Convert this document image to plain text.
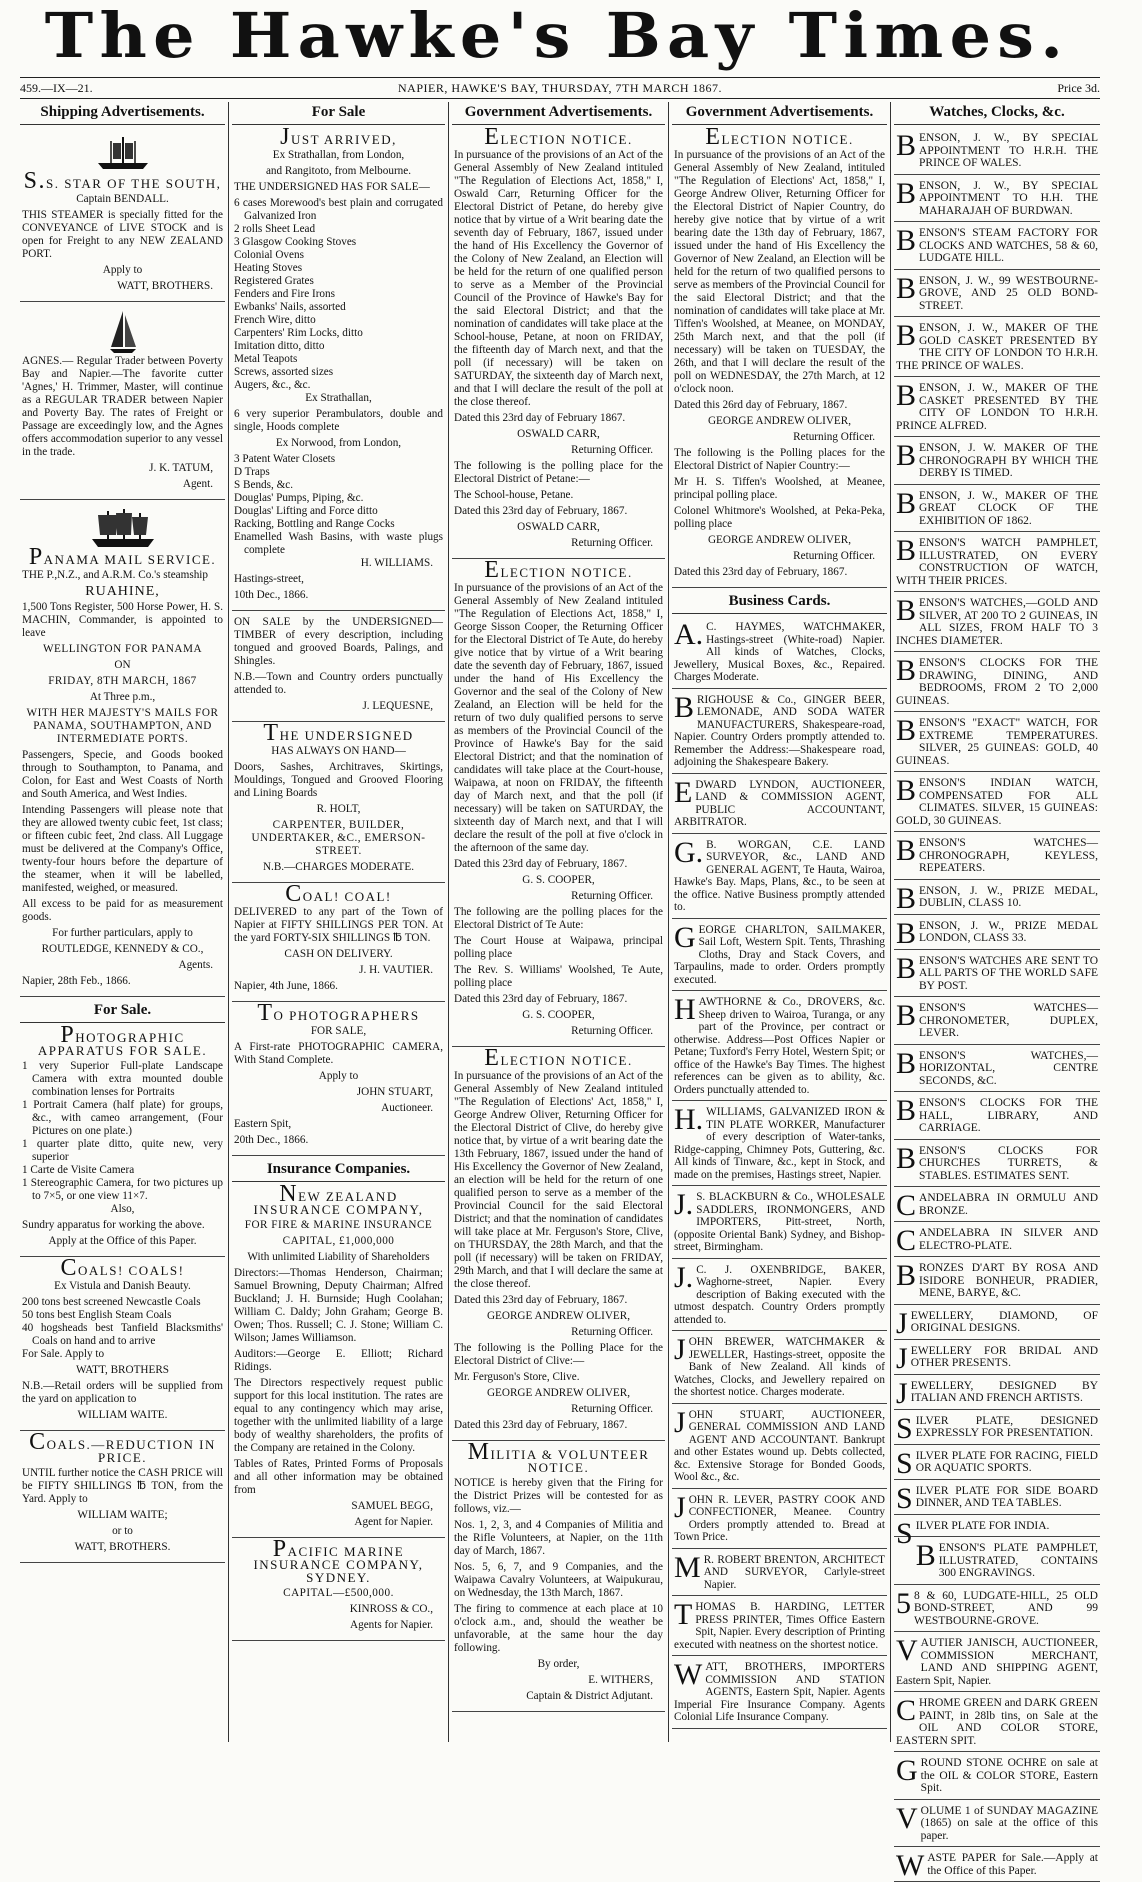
The Hawke's Bay Times.
459.—IX—21.	NAPIER, HAWKE'S BAY, THURSDAY, 7TH MARCH 1867.	Price 3d.
Shipping Advertisements.

S.S. STAR OF THE SOUTH,

Captain BENDALL.

THIS STEAMER is specially fitted for the CONVEYANCE of LIVE STOCK and is open for Freight to any NEW ZEALAND PORT.

Apply to

WATT, BROTHERS.

AGNES.— Regular Trader between Poverty Bay and Napier.—The favorite cutter 'Agnes,' H. Trimmer, Master, will continue as a REGULAR TRADER between Napier and Poverty Bay. The rates of Freight or Passage are exceedingly low, and the Agnes offers accommodation superior to any vessel in the trade.

J. K. TATUM,

Agent.

PANAMA MAIL SERVICE.

THE P.,N.Z., and A.R.M. Co.'s steamship

RUAHINE,

1,500 Tons Register, 500 Horse Power, H. S. MACHIN, Commander, is appointed to leave

WELLINGTON FOR PANAMA

ON

FRIDAY, 8TH MARCH, 1867

At Three p.m.,

WITH HER MAJESTY'S MAILS FOR PANAMA, SOUTHAMPTON, AND INTERMEDIATE PORTS.

Passengers, Specie, and Goods booked through to Southampton, to Panama, and Colon, for East and West Coasts of North and South America, and West Indies.

Intending Passengers will please note that they are allowed twenty cubic feet, 1st class; or fifteen cubic feet, 2nd class. All Luggage must be delivered at the Company's Office, twenty-four hours before the departure of the steamer, when it will be labelled, manifested, weighed, or measured.

All excess to be paid for as measurement goods.

For further particulars, apply to

ROUTLEDGE, KENNEDY & CO.,

Agents.

Napier, 28th Feb., 1866.

For Sale.

PHOTOGRAPHIC APPARATUS FOR SALE.

1 very Superior Full-plate Landscape Camera with extra mounted double combination lenses for Portraits
1 Portrait Camera (half plate) for groups, &c., with cameo arrangement, (Four Pictures on one plate.)
1 quarter plate ditto, quite new, very superior
1 Carte de Visite Camera
1 Stereographic Camera, for two pictures up to 7×5, or one view 11×7.

Also,

Sundry apparatus for working the above.

Apply at the Office of this Paper.

COALS! COALS!

Ex Vistula and Danish Beauty.

200 tons best screened Newcastle Coals
50 tons best English Steam Coals
40 hogsheads best Tanfield Blacksmiths' Coals on hand and to arrive

For Sale. Apply to

WATT, BROTHERS

N.B.—Retail orders will be supplied from the yard on application to

WILLIAM WAITE.

COALS.—REDUCTION IN PRICE.

UNTIL further notice the CASH PRICE will be FIFTY SHILLINGS ℔ TON, from the Yard. Apply to

WILLIAM WAITE;

or to

WATT, BROTHERS.

For Sale

JUST ARRIVED,

Ex Strathallan, from London,

and Rangitoto, from Melbourne.

THE UNDERSIGNED HAS FOR SALE—

6 cases Morewood's best plain and corrugated Galvanized Iron
2 rolls Sheet Lead
3 Glasgow Cooking Stoves
Colonial Ovens
Heating Stoves
Registered Grates
Fenders and Fire Irons
Ewbanks' Nails, assorted
French Wire, ditto
Carpenters' Rim Locks, ditto
Imitation ditto, ditto
Metal Teapots
Screws, assorted sizes
Augers, &c., &c.

Ex Strathallan,

6 very superior Perambulators, double and single, Hoods complete

Ex Norwood, from London,

3 Patent Water Closets
D Traps
S Bends, &c.
Douglas' Pumps, Piping, &c.
Douglas' Lifting and Force ditto
Racking, Bottling and Range Cocks
Enamelled Wash Basins, with waste plugs complete

H. WILLIAMS.

Hastings-street,

10th Dec., 1866.

ON SALE by the UNDERSIGNED—TIMBER of every description, including tongued and grooved Boards, Palings, and Shingles.

N.B.—Town and Country orders punctually attended to.

J. LEQUESNE,

THE UNDERSIGNED

HAS ALWAYS ON HAND—

Doors, Sashes, Architraves, Skirtings, Mouldings, Tongued and Grooved Flooring and Lining Boards

R. HOLT,

CARPENTER, BUILDER, UNDERTAKER, &C., EMERSON-STREET.

N.B.—CHARGES MODERATE.

COAL! COAL!

DELIVERED to any part of the Town of Napier at FIFTY SHILLINGS PER TON. At the yard FORTY-SIX SHILLINGS ℔ TON.

CASH ON DELIVERY.

J. H. VAUTIER.

Napier, 4th June, 1866.

TO PHOTOGRAPHERS

FOR SALE,

A First-rate PHOTOGRAPHIC CAMERA, With Stand Complete.

Apply to

JOHN STUART,

Auctioneer.

Eastern Spit,

20th Dec., 1866.

Insurance Companies.

NEW ZEALAND INSURANCE COMPANY,

FOR FIRE & MARINE INSURANCE

CAPITAL, £1,000,000

With unlimited Liability of Shareholders

Directors:—Thomas Henderson, Chairman; Samuel Browning, Deputy Chairman; Alfred Buckland; J. H. Burnside; Hugh Coolahan; William C. Daldy; John Graham; George B. Owen; Thos. Russell; C. J. Stone; William C. Wilson; James Williamson.

Auditors:—George E. Elliott; Richard Ridings.

The Directors respectively request public support for this local institution. The rates are equal to any contingency which may arise, together with the unlimited liability of a large body of wealthy shareholders, the profits of the Company are retained in the Colony.

Tables of Rates, Printed Forms of Proposals and all other information may be obtained from

SAMUEL BEGG,

Agent for Napier.

PACIFIC MARINE INSURANCE COMPANY, SYDNEY.

CAPITAL—£500,000.

KINROSS & CO.,

Agents for Napier.

Government Advertisements.

ELECTION NOTICE.

In pursuance of the provisions of an Act of the General Assembly of New Zealand intituled "The Regulation of Elections Act, 1858," I, Oswald Carr, Returning Officer for the Electoral District of Petane, do hereby give notice that by virtue of a Writ bearing date the seventh day of February, 1867, issued under the hand of His Excellency the Governor of the Colony of New Zealand, an Election will be held for the return of one qualified person to serve as a Member of the Provincial Council of the Province of Hawke's Bay for the said Electoral District; and that the nomination of candidates will take place at the School-house, Petane, at noon on FRIDAY, the fifteenth day of March next, and that the poll (if necessary) will be taken on SATURDAY, the sixteenth day of March next, and that I will declare the result of the poll at the close thereof.

Dated this 23rd day of February 1867.

OSWALD CARR,

Returning Officer.

The following is the polling place for the Electoral District of Petane:—

The School-house, Petane.

Dated this 23rd day of February, 1867.

OSWALD CARR,

Returning Officer.

ELECTION NOTICE.

In pursuance of the provisions of an Act of the General Assembly of New Zealand intituled "The Regulation of Elections Act, 1858," I, George Sisson Cooper, the Returning Officer for the Electoral District of Te Aute, do hereby give notice that by virtue of a Writ bearing date the seventh day of February, 1867, issued under the hand of His Excellency the Governor and the seal of the Colony of New Zealand, an Election will be held for the return of two duly qualified persons to serve as members of the Provincial Council of the Province of Hawke's Bay for the said Electoral District; and that the nomination of candidates will take place at the Court-house, Waipawa, at noon on FRIDAY, the fifteenth day of March next, and that the poll (if necessary) will be taken on SATURDAY, the sixteenth day of March next, and that I will declare the result of the poll at five o'clock in the afternoon of the same day.

Dated this 23rd day of February, 1867.

G. S. COOPER,

Returning Officer.

The following are the polling places for the Electoral District of Te Aute:

The Court House at Waipawa, principal polling place

The Rev. S. Williams' Woolshed, Te Aute, polling place

Dated this 23rd day of February, 1867.

G. S. COOPER,

Returning Officer.

ELECTION NOTICE.

In pursuance of the provisions of an Act of the General Assembly of New Zealand intituled "The Regulation of Elections' Act, 1858," I, George Andrew Oliver, Returning Officer for the Electoral District of Clive, do hereby give notice that, by virtue of a writ bearing date the 13th February, 1867, issued under the hand of His Excellency the Governor of New Zealand, an election will be held for the return of one qualified person to serve as a member of the Provincial Council for the said Electoral District; and that the nomination of candidates will take place at Mr. Ferguson's Store, Clive, on THURSDAY, the 28th March, and that the poll (if necessary) will be taken on FRIDAY, 29th March, and that I will declare the same at the close thereof.

Dated this 23rd day of February, 1867.

GEORGE ANDREW OLIVER,

Returning Officer.

The following is the Polling Place for the Electoral District of Clive:—

Mr. Ferguson's Store, Clive.

GEORGE ANDREW OLIVER,

Returning Officer.

Dated this 23rd day of February, 1867.

MILITIA & VOLUNTEER NOTICE.

NOTICE is hereby given that the Firing for the District Prizes will be contested for as follows, viz.—

Nos. 1, 2, 3, and 4 Companies of Militia and the Rifle Volunteers, at Napier, on the 11th day of March, 1867.

Nos. 5, 6, 7, and 9 Companies, and the Waipawa Cavalry Volunteers, at Waipukurau, on Wednesday, the 13th March, 1867.

The firing to commence at each place at 10 o'clock a.m., and, should the weather be unfavorable, at the same hour the day following.

By order,

E. WITHERS,

Captain & District Adjutant.

Government Advertisements.

ELECTION NOTICE.

In pursuance of the provisions of an Act of the General Assembly of New Zealand, intituled "The Regulation of Elections' Act, 1858," I, George Andrew Oliver, Returning Officer for the Electoral District of Napier Country, do hereby give notice that by virtue of a writ bearing date the 13th day of February, 1867, issued under the hand of His Excellency the Governor of New Zealand, an Election will be held for the return of two qualified persons to serve as members of the Provincial Council for the said Electoral District; and that the nomination of candidates will take place at Mr. Tiffen's Woolshed, at Meanee, on MONDAY, 25th March next, and that the poll (if necessary) will be taken on TUESDAY, the 26th, and that I will declare the result of the poll on WEDNESDAY, the 27th March, at 12 o'clock noon.

Dated this 26rd day of February, 1867.

GEORGE ANDREW OLIVER,

Returning Officer.

The following is the Polling places for the Electoral District of Napier Country:—

Mr H. S. Tiffen's Woolshed, at Meanee, principal polling place.

Colonel Whitmore's Woolshed, at Peka-Peka, polling place

GEORGE ANDREW OLIVER,

Returning Officer.

Dated this 23rd day of February, 1867.

Business Cards.
A.C. HAYMES, WATCHMAKER, Hastings-street (White-road) Napier. All kinds of Watches, Clocks, Jewellery, Musical Boxes, &c., Repaired. Charges Moderate.
BRIGHOUSE & Co., GINGER BEER, LEMONADE, AND SODA WATER MANUFACTURERS, Shakespeare-road, Napier. Country Orders promptly attended to. Remember the Address:—Shakespeare road, adjoining the Shakespeare Bakery.
EDWARD LYNDON, AUCTIONEER, LAND & COMMISSION AGENT, PUBLIC ACCOUNTANT, ARBITRATOR.
G.B. WORGAN, C.E. LAND SURVEYOR, &c., LAND AND GENERAL AGENT, Te Hauta, Wairoa, Hawke's Bay. Maps, Plans, &c., to be seen at the office. Native Business promptly attended to.
GEORGE CHARLTON, SAILMAKER, Sail Loft, Western Spit. Tents, Thrashing Cloths, Dray and Stack Covers, and Tarpaulins, made to order. Orders promptly executed.
HAWTHORNE & Co., DROVERS, &c. Sheep driven to Wairoa, Turanga, or any part of the Province, per contract or otherwise. Address—Post Offices Napier or Petane; Tuxford's Ferry Hotel, Western Spit; or office of the Hawke's Bay Times. The highest references can be given as to ability, &c. Orders punctually attended to.
H.WILLIAMS, GALVANIZED IRON & TIN PLATE WORKER, Manufacturer of every description of Water-tanks, Ridge-capping, Chimney Pots, Guttering, &c. All kinds of Tinware, &c., kept in Stock, and made on the premises, Hastings street, Napier.
J.S. BLACKBURN & Co., WHOLESALE SADDLERS, IRONMONGERS, AND IMPORTERS, Pitt-street, North, (opposite Oriental Bank) Sydney, and Bishop-street, Birmingham.
J.C. J. OXENBRIDGE, BAKER, Waghorne-street, Napier. Every description of Baking executed with the utmost despatch. Country Orders promptly attended to.
JOHN BREWER, WATCHMAKER & JEWELLER, Hastings-street, opposite the Bank of New Zealand. All kinds of Watches, Clocks, and Jewellery repaired on the shortest notice. Charges moderate.
JOHN STUART, AUCTIONEER, GENERAL COMMISSION AND LAND AGENT AND ACCOUNTANT. Bankrupt and other Estates wound up. Debts collected, &c. Extensive Storage for Bonded Goods, Wool &c., &c.
JOHN R. LEVER, PASTRY COOK AND CONFECTIONER, Meanee. Country Orders promptly attended to. Bread at Town Price.
MR. ROBERT BRENTON, ARCHITECT AND SURVEYOR, Carlyle-street Napier.
THOMAS B. HARDING, LETTER PRESS PRINTER, Times Office Eastern Spit, Napier. Every description of Printing executed with neatness on the shortest notice.
WATT, BROTHERS, IMPORTERS COMMISSION AND STATION AGENTS, Eastern Spit, Napier. Agents Imperial Fire Insurance Company. Agents Colonial Life Insurance Company.
Watches, Clocks, &c.
BENSON, J. W., BY SPECIAL APPOINTMENT TO H.R.H. THE PRINCE OF WALES.
BENSON, J. W., BY SPECIAL APPOINTMENT TO H.H. THE MAHARAJAH OF BURDWAN.
BENSON'S STEAM FACTORY FOR CLOCKS AND WATCHES, 58 & 60, LUDGATE HILL.
BENSON, J. W., 99 WESTBOURNE-GROVE, AND 25 OLD BOND-STREET.
BENSON, J. W., MAKER OF THE GOLD CASKET PRESENTED BY THE CITY OF LONDON TO H.R.H. THE PRINCE OF WALES.
BENSON, J. W., MAKER OF THE CASKET PRESENTED BY THE CITY OF LONDON TO H.R.H. PRINCE ALFRED.
BENSON, J. W. MAKER OF THE CHRONOGRAPH BY WHICH THE DERBY IS TIMED.
BENSON, J. W., MAKER OF THE GREAT CLOCK OF THE EXHIBITION OF 1862.
BENSON'S WATCH PAMPHLET, ILLUSTRATED, ON EVERY CONSTRUCTION OF WATCH, WITH THEIR PRICES.
BENSON'S WATCHES,—GOLD AND SILVER, AT 200 TO 2 GUINEAS, IN ALL SIZES, FROM HALF TO 3 INCHES DIAMETER.
BENSON'S CLOCKS FOR THE DRAWING, DINING, AND BEDROOMS, FROM 2 TO 2,000 GUINEAS.
BENSON'S "EXACT" WATCH, FOR EXTREME TEMPERATURES. SILVER, 25 GUINEAS: GOLD, 40 GUINEAS.
BENSON'S INDIAN WATCH, COMPENSATED FOR ALL CLIMATES. SILVER, 15 GUINEAS: GOLD, 30 GUINEAS.
BENSON'S WATCHES—CHRONOGRAPH, KEYLESS, REPEATERS.
BENSON, J. W., PRIZE MEDAL, DUBLIN, CLASS 10.
BENSON, J. W., PRIZE MEDAL LONDON, CLASS 33.
BENSON'S WATCHES ARE SENT TO ALL PARTS OF THE WORLD SAFE BY POST.
BENSON'S WATCHES—CHRONOMETER, DUPLEX, LEVER.
BENSON'S WATCHES,—HORIZONTAL, CENTRE SECONDS, &C.
BENSON'S CLOCKS FOR THE HALL, LIBRARY, AND CARRIAGE.
BENSON'S CLOCKS FOR CHURCHES TURRETS, & STABLES. ESTIMATES SENT.
CANDELABRA IN ORMULU AND BRONZE.
CANDELABRA IN SILVER AND ELECTRO-PLATE.
BRONZES D'ART BY ROSA AND ISIDORE BONHEUR, PRADIER, MENE, BARYE, &C.
JEWELLERY, DIAMOND, OF ORIGINAL DESIGNS.
JEWELLERY FOR BRIDAL AND OTHER PRESENTS.
JEWELLERY, DESIGNED BY ITALIAN AND FRENCH ARTISTS.
SILVER PLATE, DESIGNED EXPRESSLY FOR PRESENTATION.
SILVER PLATE FOR RACING, FIELD OR AQUATIC SPORTS.
SILVER PLATE FOR SIDE BOARD DINNER, AND TEA TABLES.
SILVER PLATE FOR INDIA.
BENSON'S PLATE PAMPHLET, ILLUSTRATED, CONTAINS 300 ENGRAVINGS.
58 & 60, LUDGATE-HILL, 25 OLD BOND-STREET, AND 99 WESTBOURNE-GROVE.
VAUTIER JANISCH, AUCTIONEER, COMMISSION MERCHANT, LAND AND SHIPPING AGENT, Eastern Spit, Napier.
CHROME GREEN and DARK GREEN PAINT, in 28lb tins, on Sale at the OIL AND COLOR STORE, EASTERN SPIT.
GROUND STONE OCHRE on sale at the OIL & COLOR STORE, Eastern Spit.
VOLUME 1 of SUNDAY MAGAZINE (1865) on sale at the office of this paper.
WASTE PAPER for Sale.—Apply at the Office of this Paper.
